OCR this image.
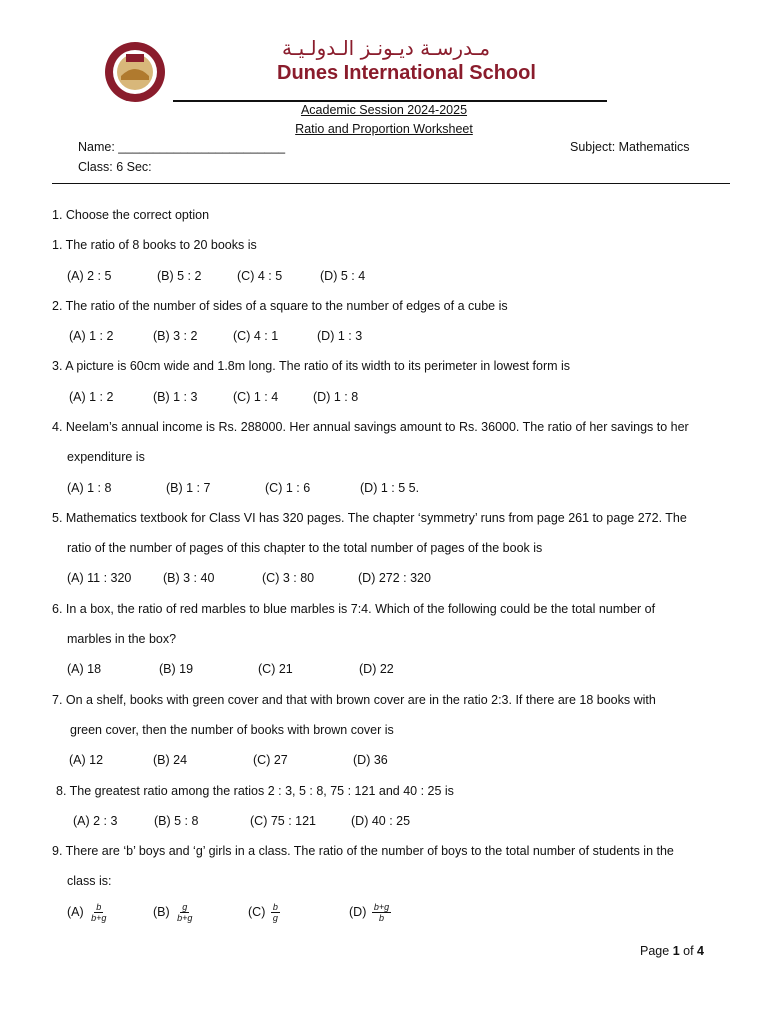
مـدرسـة ديـونـز الـدولـيـة
Dunes International School
Academic Session 2024-2025
Ratio and Proportion Worksheet
Name: ________________________	Subject: Mathematics
Class: 6 Sec:
1. Choose the correct option
1. The ratio of 8 books to 20 books is
(A) 2 : 5	(B) 5 : 2	(C) 4 : 5	(D) 5 : 4
2. The ratio of the number of sides of a square to the number of edges of a cube is
(A) 1 : 2	(B) 3 : 2	(C) 4 : 1	(D) 1 : 3
3. A picture is 60cm wide and 1.8m long. The ratio of its width to its perimeter in lowest form is
(A) 1 : 2	(B) 1 : 3	(C) 1 : 4	(D) 1 : 8
4. Neelam’s annual income is Rs. 288000. Her annual savings amount to Rs. 36000. The ratio of her savings to her
expenditure is
(A) 1 : 8	(B) 1 : 7	(C) 1 : 6	(D) 1 : 5 5.
5. Mathematics textbook for Class VI has 320 pages. The chapter ‘symmetry’ runs from page 261 to page 272. The
ratio of the number of pages of this chapter to the total number of pages of the book is
(A) 11 : 320	(B) 3 : 40	(C) 3 : 80	(D) 272 : 320
6. In a box, the ratio of red marbles to blue marbles is 7:4. Which of the following could be the total number of
marbles in the box?
(A) 18	(B) 19	(C) 21	(D) 22
7. On a shelf, books with green cover and that with brown cover are in the ratio 2:3. If there are 18 books with
green cover, then the number of books with brown cover is
(A) 12	(B) 24	(C) 27	(D) 36
8. The greatest ratio among the ratios 2 : 3, 5 : 8, 75 : 121 and 40 : 25 is
(A) 2 : 3	(B) 5 : 8	(C) 75 : 121	(D) 40 : 25
9. There are ‘b’ boys and ‘g’ girls in a class. The ratio of the number of boys to the total number of students in the
class is:
$(A) \frac{b}{b+g}$	$(B) \frac{g}{b+g}$	$(C) \frac{b}{g}$	$(D) \frac{b+g}{b}$
Page 1 of 4
